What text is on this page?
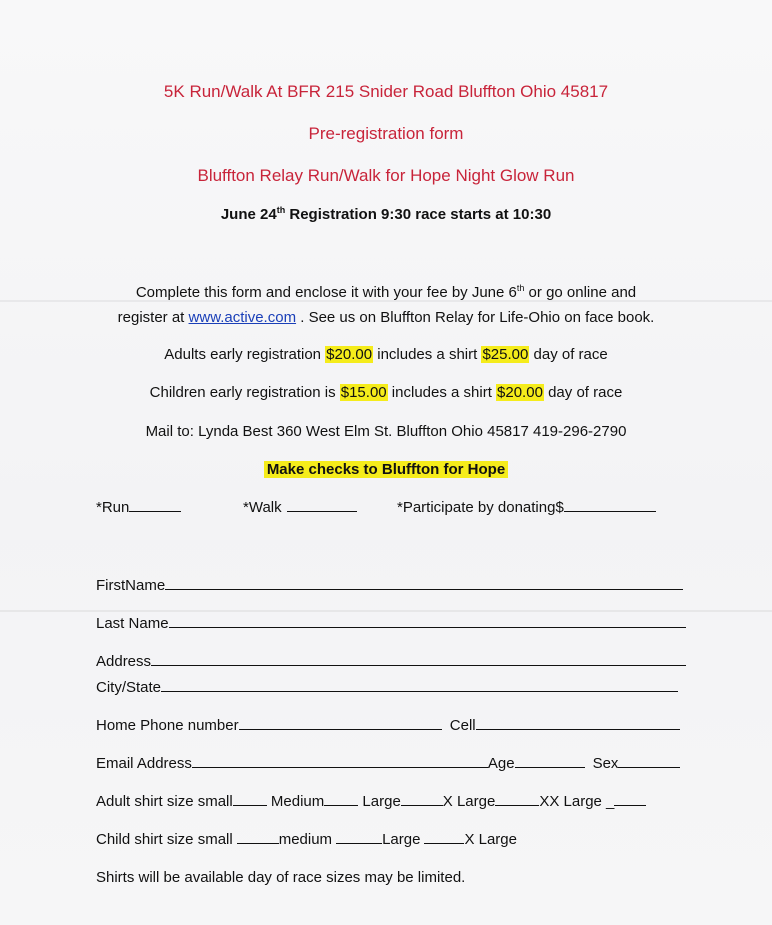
5K Run/Walk At BFR 215 Snider Road Bluffton Ohio 45817
Pre-registration form
Bluffton Relay Run/Walk for Hope Night Glow Run
June 24th Registration 9:30 race starts at 10:30
Complete this form and enclose it with your fee by June 6th or go online and
register at www.active.com . See us on Bluffton Relay for Life-Ohio on face book.
Adults early registration $20.00 includes a shirt $25.00 day of race
Children early registration is $15.00 includes a shirt $20.00 day of race
Mail to: Lynda Best 360 West Elm St. Bluffton Ohio 45817 419-296-2790
Make checks to Bluffton for Hope
*Run	*Walk	*Participate by donating$
FirstName
Last Name
Address
City/State
Home Phone number	Cell
Email Address	Age	Sex
Adult shirt size small	Medium	Large	X Large	XX Large _
Child shirt size small	medium	Large	X Large
Shirts will be available day of race sizes may be limited.
